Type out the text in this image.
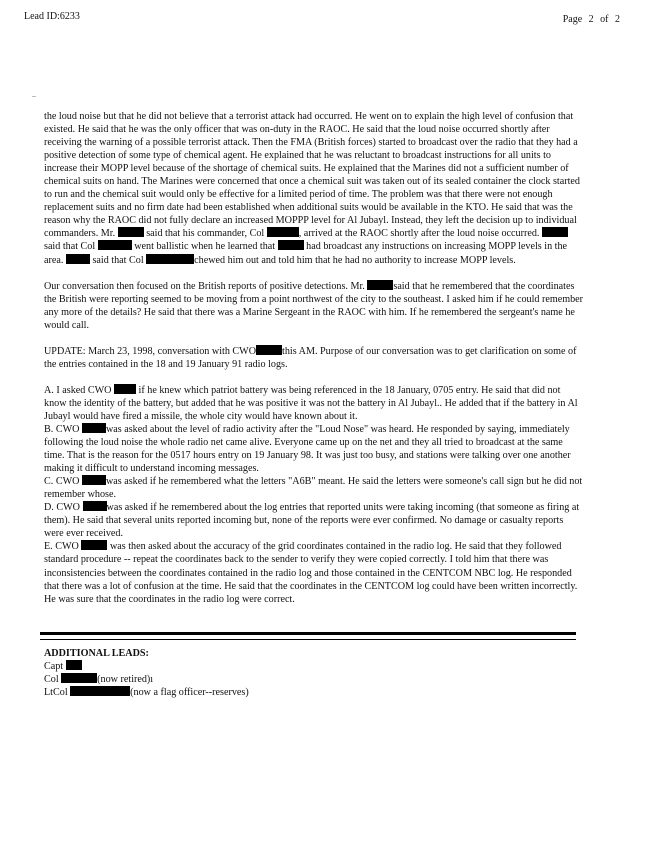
Lead ID:6233	Page 2 of 2

the loud noise but that he did not believe that a terrorist attack had occurred. He went on to explain the high level of confusion that existed. He said that he was the only officer that was on-duty in the RAOC. He said that the loud noise occurred shortly after receiving the warning of a possible terrorist attack. Then the FMA (British forces) started to broadcast over the radio that they had a positive detection of some type of chemical agent. He explained that he was reluctant to broadcast instructions for all units to increase their MOPP level because of the shortage of chemical suits. He explained that the Marines did not a sufficient number of chemical suits on hand. The Marines were concerned that once a chemical suit was taken out of its sealed container the clock started to run and the chemical suit would only be effective for a limited period of time. The problem was that there were not enough replacement suits and no firm date had been established when additional suits would be available in the KTO. He said that was the reason why the RAOC did not fully declare an increased MOPPP level for Al Jubayl. Instead, they left the decision up to individual commanders. Mr.	said that his commander, Col	, arrived at the RAOC shortly after the loud noise occurred.  said that Col	went ballistic when he learned that	had broadcast any instructions on increasing MOPP levels in the area.	said that Col	chewed him out and told him that he had no authority to increase MOPP levels.

Our conversation then focused on the British reports of positive detections. Mr.	said that he remembered that the coordinates the British were reporting seemed to be moving from a point northwest of the city to the southeast. I asked him if he could remember any more of the details? He said that there was a Marine Sergeant in the RAOC with him. If he remembered the sergeant's name he would call.

UPDATE: March 23, 1998, conversation with CWO	this AM. Purpose of our conversation was to get clarification on some of the entries contained in the 18 and 19 January 91 radio logs.

A. I asked CWO	if he knew which patriot battery was being referenced in the 18 January, 0705 entry. He said that did not know the identity of the battery, but added that he was positive it was not the battery in Al Jubayl.. He added that if the battery in Al Jubayl would have fired a missile, the whole city would have known about it.
B. CWO	was asked about the level of radio activity after the "Loud Nose" was heard. He responded by saying, immediately following the loud noise the whole radio net came alive. Everyone came up on the net and they all tried to broadcast at the same time. That is the reason for the 0517 hours entry on 19 January 98. It was just too busy, and stations were talking over one another making it difficult to understand incoming messages.
C. CWO	was asked if he remembered what the letters "A6B" meant. He said the letters were someone's call sign but he did not remember whose.
D. CWO	was asked if he remembered about the log entries that reported units were taking incoming (that someone as firing at them). He said that several units reported incoming but, none of the reports were ever confirmed. No damage or casualty reports were ever received.
E. CWO	was then asked about the accuracy of the grid coordinates contained in the radio log. He said that they followed standard procedure -- repeat the coordinates back to the sender to verify they were copied correctly. I told him that there was inconsistencies between the coordinates contained in the radio log and those contained in the CENTCOM NBC log. He responded that there was a lot of confusion at the time. He said that the coordinates in the CENTCOM log could have been written incorrectly. He was sure that the coordinates in the radio log were correct.

ADDITIONAL LEADS:
Capt
Col	(now retired)ı
LtCol	(now a flag officer--reserves)
